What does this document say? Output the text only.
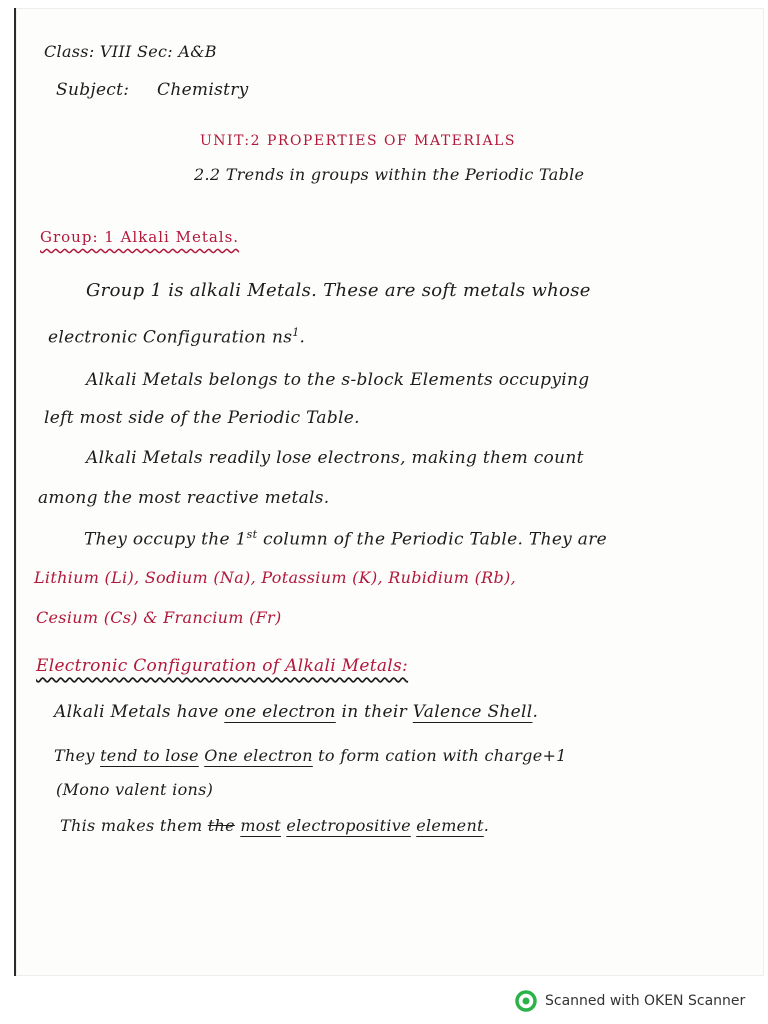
Class: VIII Sec: A&B
Subject: Chemistry
UNIT:2 PROPERTIES OF MATERIALS
2.2 Trends in groups within the Periodic Table
Group: 1 Alkali Metals.
Group 1 is alkali Metals. These are soft metals whose
electronic Configuration $ns^1$.
Alkali Metals belongs to the s-block Elements occupying
left most side of the Periodic Table.
Alkali Metals readily lose electrons, making them count
among the most reactive metals.
They occupy the 1st column of the Periodic Table. They are
Lithium (Li), Sodium (Na), Potassium (K), Rubidium (Rb),
Cesium (Cs) & Francium (Fr)
Electronic Configuration of Alkali Metals:
Alkali Metals have one electron in their Valence Shell.
They tend to lose One electron to form cation with charge+1
(Mono valent ions)
This makes them the most electropositive element.
Scanned with OKEN Scanner
